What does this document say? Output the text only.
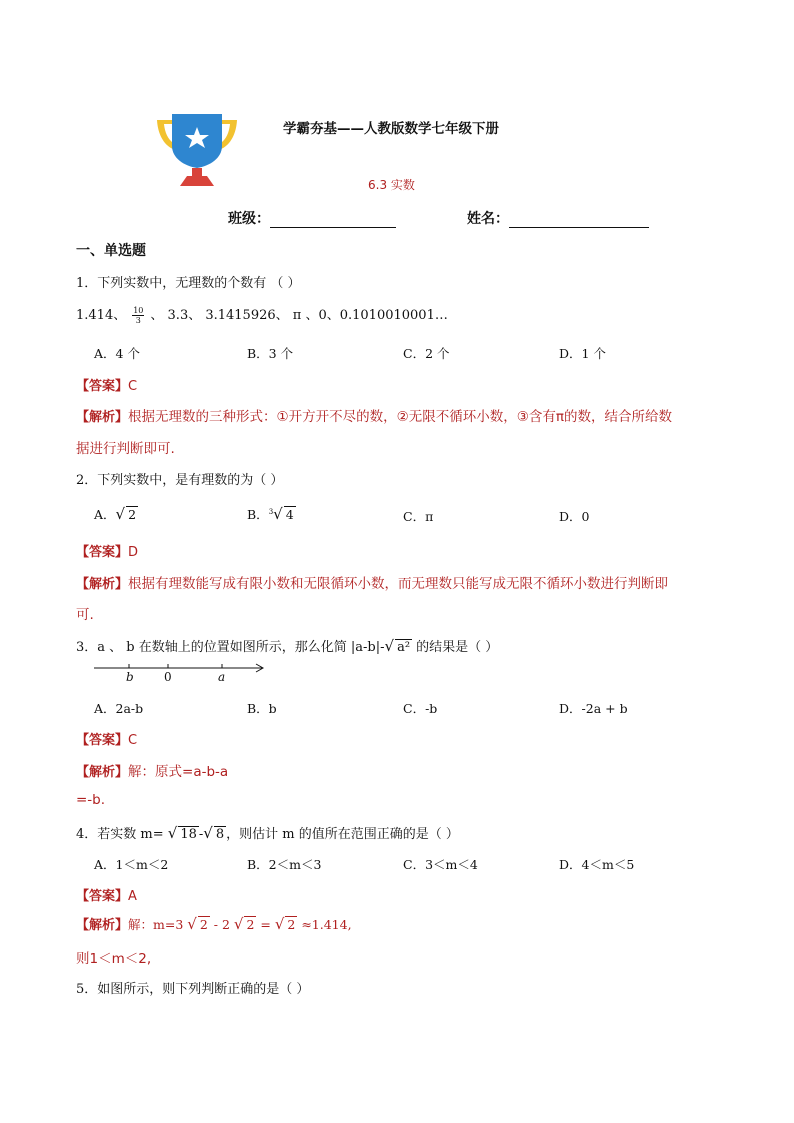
学霸夯基——人教版数学七年级下册
6.3 实数
班级：	姓名：
一、单选题
1．下列实数中，无理数的个数有 （ ）
1.414、 $\frac{10}{3}$ 、 3.3、 3.1415926、 π 、0、0.1010010001…
A．4 个	B．3 个	C．2 个	D．1 个
【答案】C
【解析】根据无理数的三种形式：①开方开不尽的数，②无限不循环小数，③含有π的数，结合所给数
据进行判断即可.
2．下列实数中，是有理数的为（ ）
A．√ 2	B．$^3$√ 4	C．π	D．0
【答案】D
【解析】根据有理数能写成有限小数和无限循环小数，而无理数只能写成无限不循环小数进行判断即
可.
3．a 、 b 在数轴上的位置如图所示，那么化简 |a-b|-√ a² 的结果是（ ）
b	0	a
A．2a-b	B．b	C．-b	D．-2a + b
【答案】C
【解析】解：原式=a-b-a
=-b.
4．若实数 m= √ 18 -√ 8 ，则估计 m 的值所在范围正确的是（ ）
A．1＜m＜2	B．2＜m＜3	C．3＜m＜4	D．4＜m＜5
【答案】A
【解析】解：m=3 √ 2 - 2 √ 2 = √ 2 ≈1.414,
则1＜m＜2,
5．如图所示，则下列判断正确的是（ ）
